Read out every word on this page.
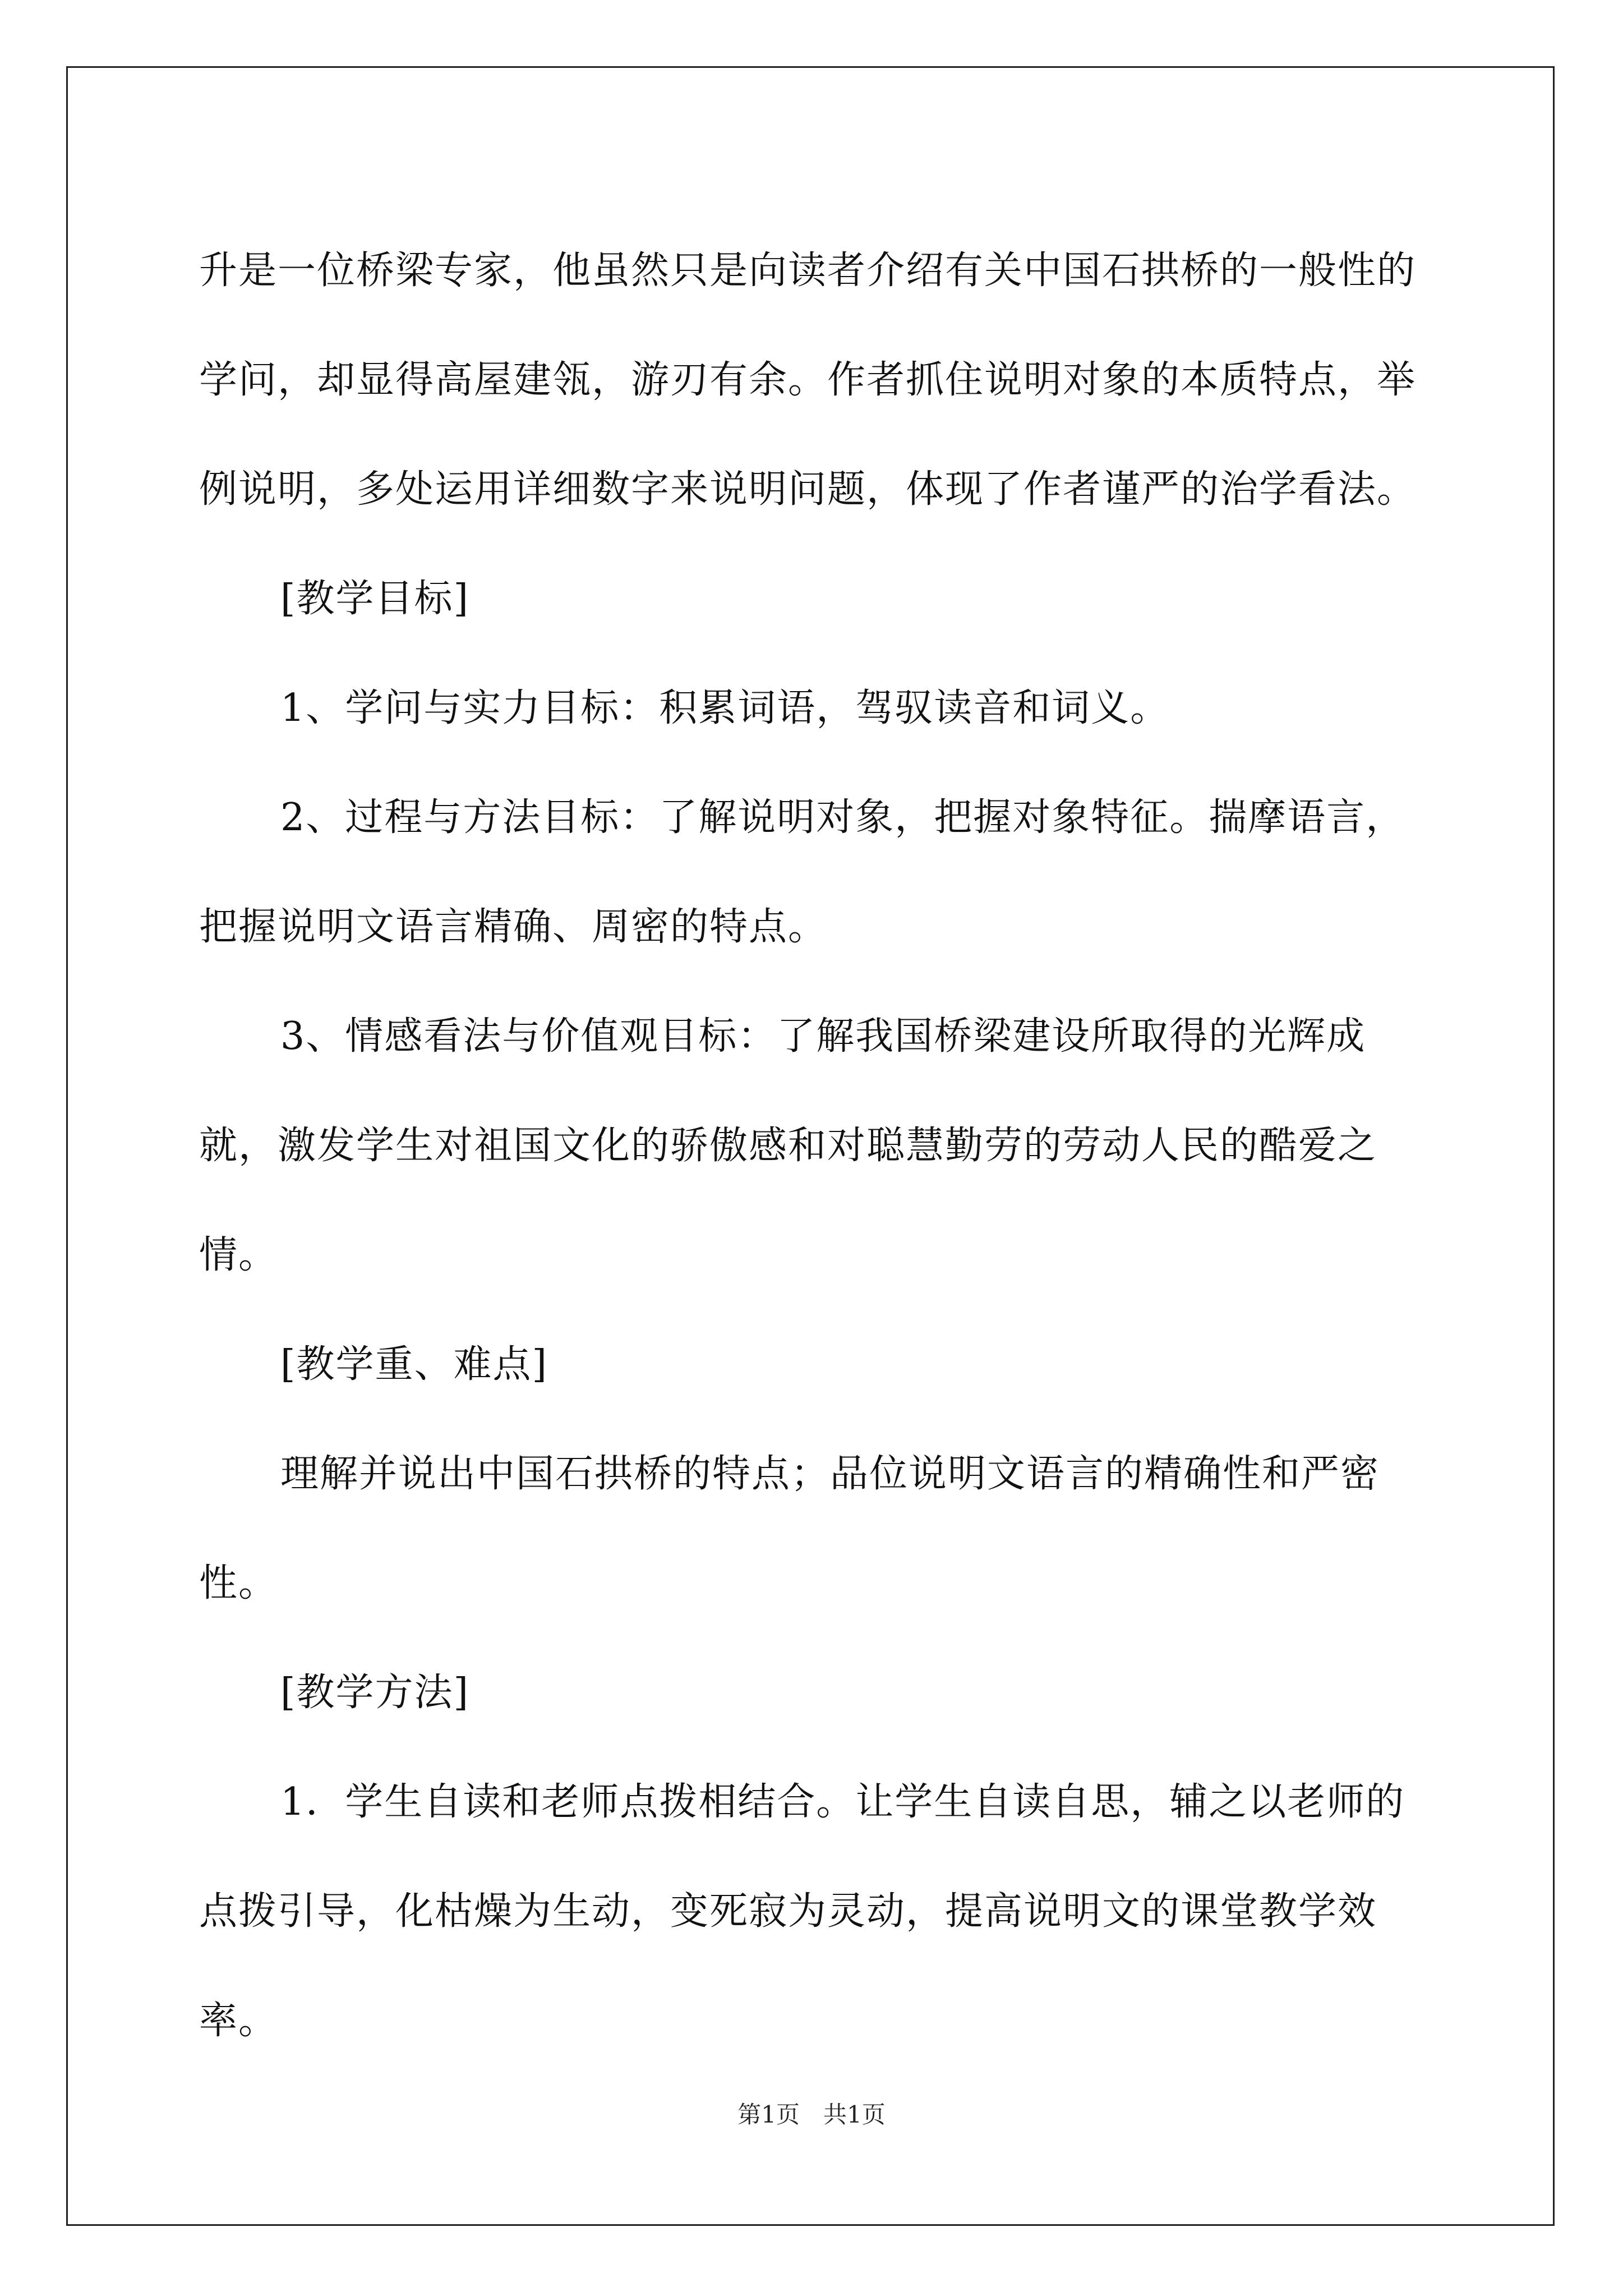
升是一位桥梁专家，他虽然只是向读者介绍有关中国石拱桥的一般性的学问，却显得高屋建瓴，游刃有余。作者抓住说明对象的本质特点，举例说明，多处运用详细数字来说明问题，体现了作者谨严的治学看法。

[教学目标]

1、学问与实力目标：积累词语，驾驭读音和词义。

2、过程与方法目标：了解说明对象，把握对象特征。揣摩语言，把握说明文语言精确、周密的特点。

3、情感看法与价值观目标：了解我国桥梁建设所取得的光辉成就，激发学生对祖国文化的骄傲感和对聪慧勤劳的劳动人民的酷爱之情。

[教学重、难点]

理解并说出中国石拱桥的特点；品位说明文语言的精确性和严密性。

[教学方法]

1．学生自读和老师点拨相结合。让学生自读自思，辅之以老师的点拨引导，化枯燥为生动，变死寂为灵动，提高说明文的课堂教学效率。

第1页　共1页
